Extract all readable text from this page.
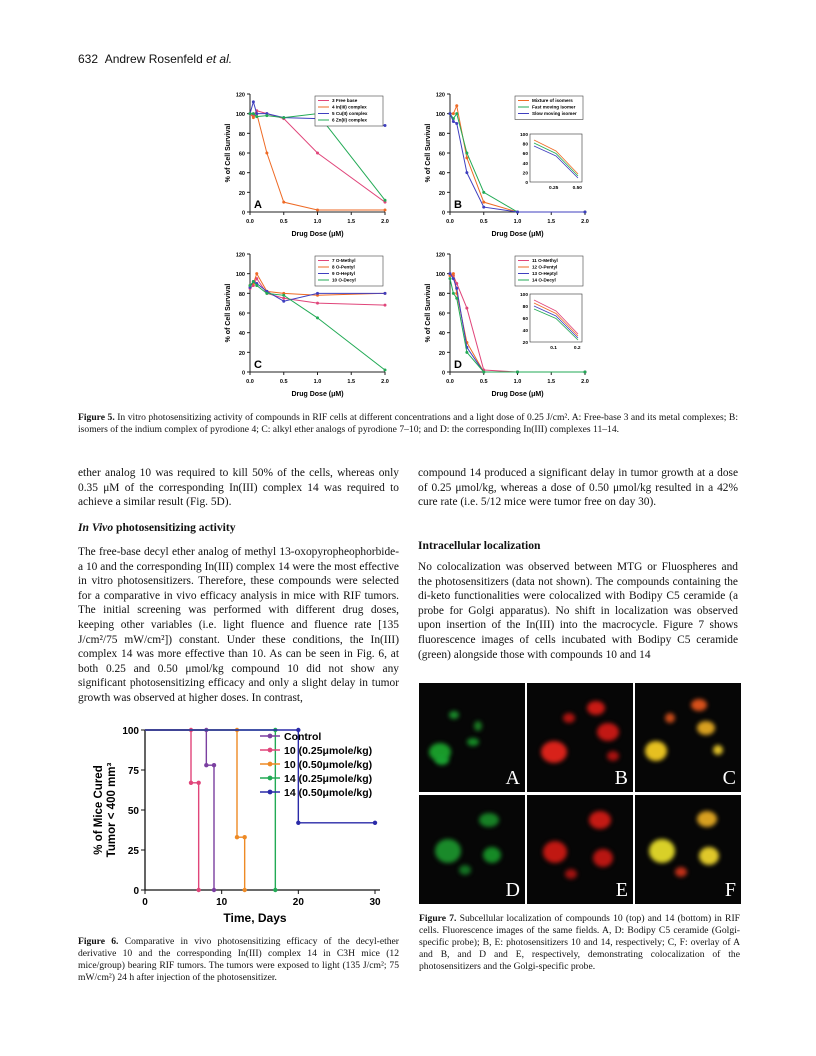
632 Andrew Rosenfeld et al.
0
20
40
60
80
100
120
0.0	0.5	1.0	1.5	2.0
Drug Dose (μM)
% of Cell Survival
A
3 Free base
4 In(III) complex
5 Cu(II) complex
6 Zn(II) complex
0
20
40
60
80
100
120
0.0	0.5	1.0	1.5	2.0
Drug Dose (μM)
% of Cell Survival
B
Mixture of isomers
Fast moving isomer
Slow moving isomer
0
20
40
60
80
100
0.25	0.50
0
20
40
60
80
100
120
0.0	0.5	1.0	1.5	2.0
Drug Dose (μM)
% of Cell Survival
C
7 O-Methyl
8 O-Pentyl
9 O-Heptyl
10 O-Decyl
0
20
40
60
80
100
120
0.0	0.5	1.0	1.5	2.0
Drug Dose (μM)
% of Cell Survival
D
11 O-Methyl
12 O-Pentyl
13 O-Heptyl
14 O-Decyl
20
40
60
80
100
0.1	0.2
Figure 5. In vitro photosensitizing activity of compounds in RIF cells at different concentrations and a light dose of 0.25 J/cm². A: Free-base 3 and its metal complexes; B: isomers of the indium complex of pyrodione 4; C: alkyl ether analogs of pyrodione 7–10; and D: the corresponding In(III) complexes 11–14.

ether analog 10 was required to kill 50% of the cells, whereas only 0.35 μM of the corresponding In(III) complex 14 was required to achieve a similar result (Fig. 5D).

In Vivo photosensitizing activity

The free-base decyl ether analog of methyl 13-oxopyropheophorbide-a 10 and the corresponding In(III) complex 14 were the most effective in vitro photosensitizers. Therefore, these compounds were selected for a comparative in vivo efficacy analysis in mice with RIF tumors. The initial screening was performed with different drug doses, keeping other variables (i.e. light fluence and fluence rate [135 J/cm²/75 mW/cm²]) constant. Under these conditions, the In(III) complex 14 was more effective than 10. As can be seen in Fig. 6, at both 0.25 and 0.50 μmol/kg compound 10 did not show any significant photosensitizing efficacy and only a slight delay in tumor growth was observed at higher doses. In contrast,

0
25
50
75
100
0	10	20	30
Time, Days
% of Mice CuredTumor < 400 mm³
Control
10 (0.25μmole/kg)
10 (0.50μmole/kg)
14 (0.25μmole/kg)
14 (0.50μmole/kg)
Figure 6. Comparative in vivo photosensitizing efficacy of the decyl-ether derivative 10 and the corresponding In(III) complex 14 in C3H mice (12 mice/group) bearing RIF tumors. The tumors were exposed to light (135 J/cm²; 75 mW/cm²) 24 h after injection of the photosensitizer.

compound 14 produced a significant delay in tumor growth at a dose of 0.25 μmol/kg, whereas a dose of 0.50 μmol/kg resulted in a 42% cure rate (i.e. 5/12 mice were tumor free on day 30).

Intracellular localization

No colocalization was observed between MTG or Fluospheres and the photosensitizers (data not shown). The compounds containing the di-keto functionalities were colocalized with Bodipy C5 ceramide (a probe for Golgi apparatus). No shift in localization was observed upon insertion of the In(III) into the macrocycle. Figure 7 shows fluorescence images of cells incubated with Bodipy C5 ceramide (green) alongside those with compounds 10 and 14

A	B	C
D	E	F
Figure 7. Subcellular localization of compounds 10 (top) and 14 (bottom) in RIF cells. Fluorescence images of the same fields. A, D: Bodipy C5 ceramide (Golgi-specific probe); B, E: photosensitizers 10 and 14, respectively; C, F: overlay of A and B, and D and E, respectively, demonstrating colocalization of the photosensitizers and the Golgi-specific probe.
